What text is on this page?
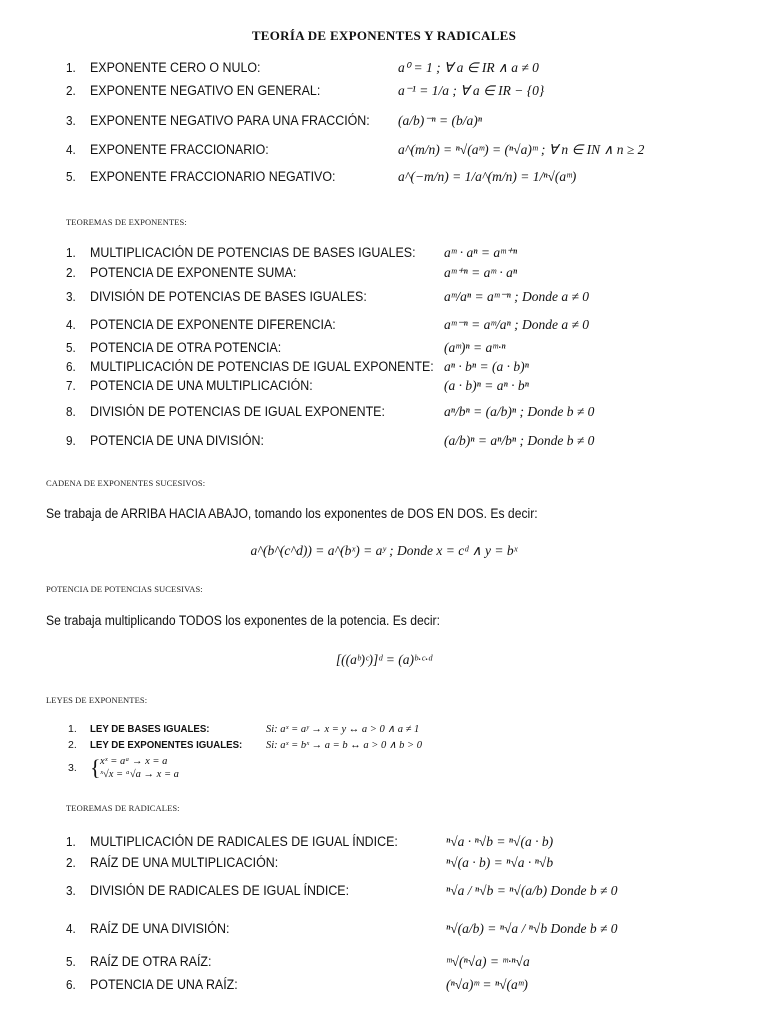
TEORÍA DE EXPONENTES Y RADICALES
1. EXPONENTE CERO O NULO:	a⁰ = 1 ; ∀ a ∈ IR ∧ a ≠ 0
2. EXPONENTE NEGATIVO EN GENERAL:	a⁻¹ = 1/a ; ∀ a ∈ IR − {0}
3. EXPONENTE NEGATIVO PARA UNA FRACCIÓN: (a/b)⁻ⁿ = (b/a)ⁿ
4. EXPONENTE FRACCIONARIO:	a^(m/n) = ⁿ√(aᵐ) = (ⁿ√a)ᵐ ; ∀ n ∈ IN ∧ n ≥ 2
5. EXPONENTE FRACCIONARIO NEGATIVO:	a^(−m/n) = 1/a^(m/n) = 1/ⁿ√(aᵐ)
TEOREMAS DE EXPONENTES:
1. MULTIPLICACIÓN DE POTENCIAS DE BASES IGUALES: aᵐ · aⁿ = aᵐ⁺ⁿ
2. POTENCIA DE EXPONENTE SUMA:	aᵐ⁺ⁿ = aᵐ · aⁿ
3. DIVISIÓN DE POTENCIAS DE BASES IGUALES:	aᵐ/aⁿ = aᵐ⁻ⁿ ; Donde a ≠ 0
4. POTENCIA DE EXPONENTE DIFERENCIA:	aᵐ⁻ⁿ = aᵐ/aⁿ ; Donde a ≠ 0
5. POTENCIA DE OTRA POTENCIA:	(aᵐ)ⁿ = aᵐ·ⁿ
6. MULTIPLICACIÓN DE POTENCIAS DE IGUAL EXPONENTE: aⁿ · bⁿ = (a · b)ⁿ
7. POTENCIA DE UNA MULTIPLICACIÓN:	(a · b)ⁿ = aⁿ · bⁿ
8. DIVISIÓN DE POTENCIAS DE IGUAL EXPONENTE:	aⁿ/bⁿ = (a/b)ⁿ ; Donde b ≠ 0
9. POTENCIA DE UNA DIVISIÓN:	(a/b)ⁿ = aⁿ/bⁿ ; Donde b ≠ 0
CADENA DE EXPONENTES SUCESIVOS:
Se trabaja de ARRIBA HACIA ABAJO, tomando los exponentes de DOS EN DOS. Es decir:
a^(b^(c^d)) = a^(bˣ) = aʸ ; Donde x = cᵈ ∧ y = bˣ
POTENCIA DE POTENCIAS SUCESIVAS:
Se trabaja multiplicando TODOS los exponentes de la potencia. Es decir:
[((aᵇ)ᶜ)]ᵈ = (a)ᵇ·ᶜ·ᵈ
LEYES DE EXPONENTES:
1. LEY DE BASES IGUALES:	Si: aˣ = aʸ → x = y ↔ a > 0 ∧ a ≠ 1
2. LEY DE EXPONENTES IGUALES: Si: aˣ = bˣ → a = b ↔ a > 0 ∧ b > 0
3. { xˣ = aᵃ → x = a
ˣ√x = ᵃ√a → x = a
TEOREMAS DE RADICALES:
1. MULTIPLICACIÓN DE RADICALES DE IGUAL ÍNDICE:	ⁿ√a · ⁿ√b = ⁿ√(a · b)
2. RAÍZ DE UNA MULTIPLICACIÓN:	ⁿ√(a · b) = ⁿ√a · ⁿ√b
3. DIVISIÓN DE RADICALES DE IGUAL ÍNDICE:	ⁿ√a / ⁿ√b = ⁿ√(a/b) Donde b ≠ 0
4. RAÍZ DE UNA DIVISIÓN:	ⁿ√(a/b) = ⁿ√a / ⁿ√b Donde b ≠ 0
5. RAÍZ DE OTRA RAÍZ:	ᵐ√(ⁿ√a) = ᵐ·ⁿ√a
6. POTENCIA DE UNA RAÍZ:	(ⁿ√a)ᵐ = ⁿ√(aᵐ)
